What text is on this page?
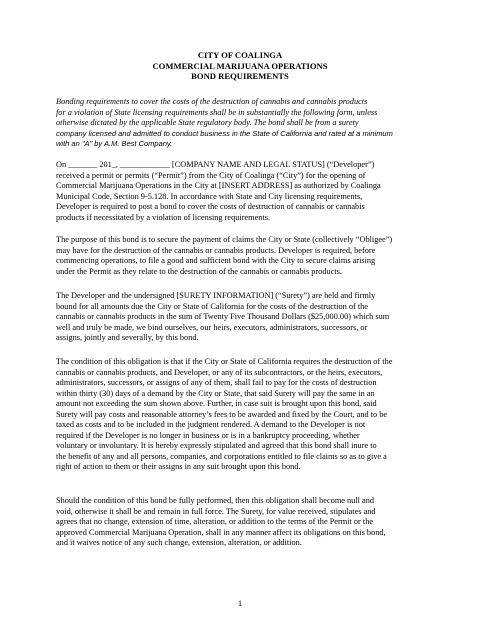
CITY OF COALINGA
COMMERCIAL MARIJUANA OPERATIONS
BOND REQUIREMENTS
Bonding requirements to cover the costs of the destruction of cannabis and cannabis products
for a violation of State licensing requirements shall be in substantially the following form, unless
otherwise dictated by the applicable State regulatory body. The bond shall be from a surety
company licensed and admitted to conduct business in the State of California and rated at a minimum
with an "A" by A.M. Best Company.
On _______ 201_, ____________ [COMPANY NAME AND LEGAL STATUS] (“Developer”)
received a permit or permits (“Permit”) from the City of Coalinga (“City”) for the opening of
Commercial Marijuana Operations in the City at [INSERT ADDRESS] as authorized by Coalinga
Municipal Code, Section 9-5.128. In accordance with State and City licensing requirements,
Developer is required to post a bond to cover the costs of destruction of cannabis or cannabis
products if necessitated by a violation of licensing requirements.
The purpose of this bond is to secure the payment of claims the City or State (collectively “Obligee”)
may have for the destruction of the cannabis or cannabis products. Developer is required, before
commencing operations, to file a good and sufficient bond with the City to secure claims arising
under the Permit as they relate to the destruction of the cannabis or cannabis products.
The Developer and the undersigned [SURETY INFORMATION] (“Surety”) are held and firmly
bound for all amounts due the City or State of California for the costs of the destruction of the
cannabis or cannabis products in the sum of Twenty Five Thousand Dollars ($25,000.00) which sum
well and truly be made, we bind ourselves, our heirs, executors, administrators, successors, or
assigns, jointly and severally, by this bond.
The condition of this obligation is that if the City or State of California requires the destruction of the
cannabis or cannabis products, and Developer, or any of its subcontractors, or the heirs, executors,
administrators, successors, or assigns of any of them, shall fail to pay for the costs of destruction
within thirty (30) days of a demand by the City or State, that said Surety will pay the same in an
amount not exceeding the sum shown above. Further, in case suit is brought upon this bond, said
Surety will pay costs and reasonable attorney’s fees to be awarded and fixed by the Court, and to be
taxed as costs and to be included in the judgment rendered. A demand to the Developer is not
required if the Developer is no longer in business or is in a bankruptcy proceeding, whether
voluntary or involuntary. It is hereby expressly stipulated and agreed that this bond shall inure to
the benefit of any and all persons, companies, and corporations entitled to file claims so as to give a
right of action to them or their assigns in any suit brought upon this bond.
Should the condition of this bond be fully performed, then this obligation shall become null and
void, otherwise it shall be and remain in full force. The Surety, for value received, stipulates and
agrees that no change, extension of time, alteration, or addition to the terms of the Permit or the
approved Commercial Marijuana Operation, shall in any manner affect its obligations on this bond,
and it waives notice of any such change, extension, alteration, or addition.
1
